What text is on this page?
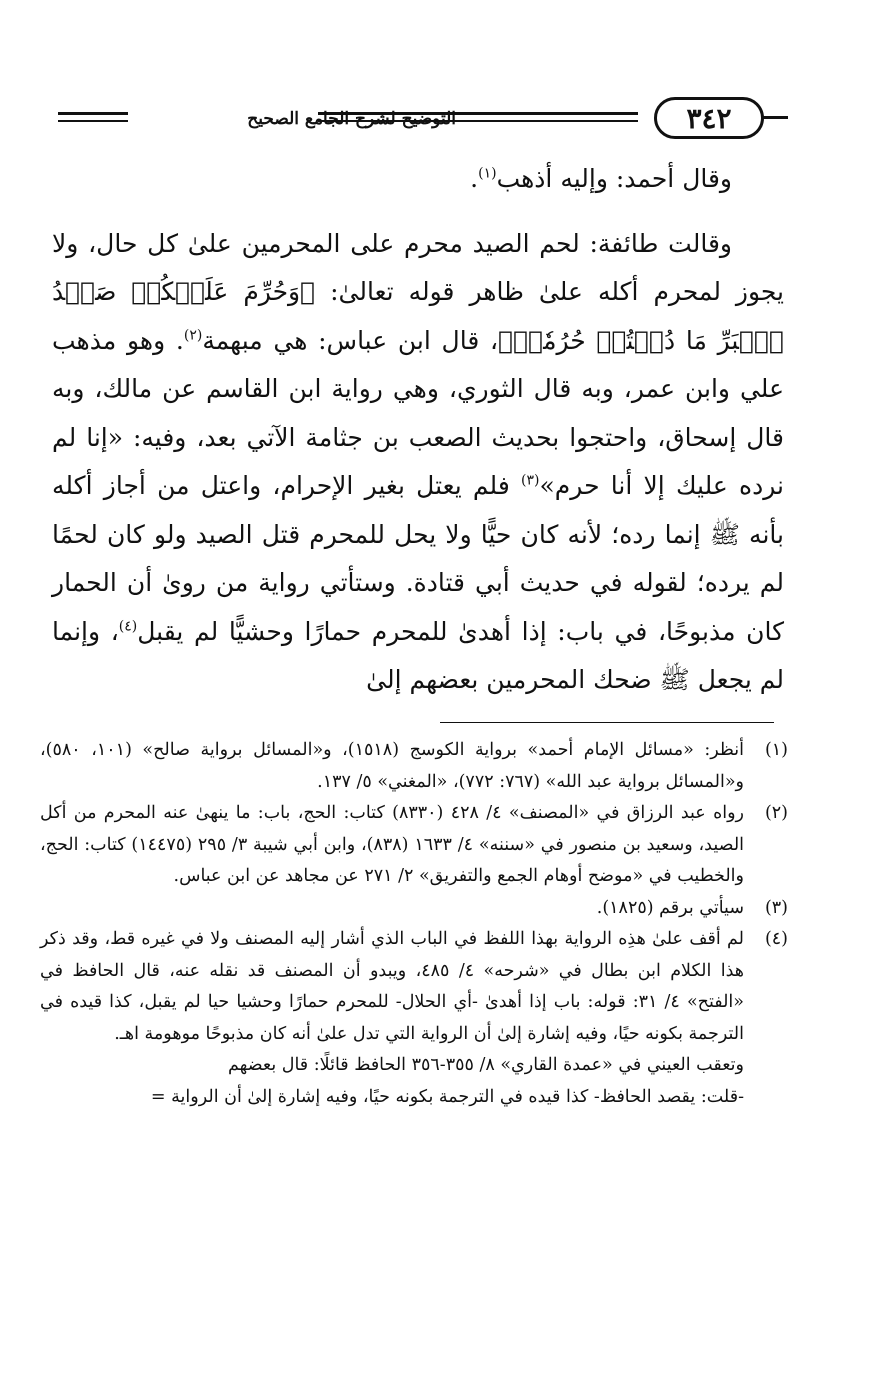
التوضيح لشرح الجامع الصحيح	٣٤٢

وقال أحمد: وإليه أذهب$^{(١)}$.

وقالت طائفة: لحم الصيد محرم على المحرمين علىٰ كل حال، ولا يجوز لمحرم أكله علىٰ ظاهر قوله تعالىٰ: ﴿وَحُرِّمَ عَلَيۡكُمۡ صَيۡدُ ٱلۡبَرِّ مَا دُمۡتُمۡ حُرُمٗاۗ﴾، قال ابن عباس: هي مبهمة$^{(٢)}$. وهو مذهب علي وابن عمر، وبه قال الثوري، وهي رواية ابن القاسم عن مالك، وبه قال إسحاق، واحتجوا بحديث الصعب بن جثامة الآتي بعد، وفيه: «إنا لم نرده عليك إلا أنا حرم»$^{(٣)}$ فلم يعتل بغير الإحرام، واعتل من أجاز أكله بأنه ﷺ إنما رده؛ لأنه كان حيًّا ولا يحل للمحرم قتل الصيد ولو كان لحمًا لم يرده؛ لقوله في حديث أبي قتادة. وستأتي رواية من روىٰ أن الحمار كان مذبوحًا، في باب: إذا أهدىٰ للمحرم حمارًا وحشيًّا لم يقبل$^{(٤)}$، وإنما لم يجعل ﷺ ضحك المحرمين بعضهم إلىٰ

(١)
أنظر: «مسائل الإمام أحمد» برواية الكوسج (١٥١٨)، و«المسائل برواية صالح» (١٠١، ٥٨٠)، و«المسائل برواية عبد الله» (٧٦٧: ٧٧٢)، «المغني» ٥/ ١٣٧.
(٢)
رواه عبد الرزاق في «المصنف» ٤/ ٤٢٨ (٨٣٣٠) كتاب: الحج، باب: ما ينهىٰ عنه المحرم من أكل الصيد، وسعيد بن منصور في «سننه» ٤/ ١٦٣٣ (٨٣٨)، وابن أبي شيبة ٣/ ٢٩٥ (١٤٤٧٥) كتاب: الحج، والخطيب في «موضح أوهام الجمع والتفريق» ٢/ ٢٧١ عن مجاهد عن ابن عباس.
(٣)
سيأتي برقم (١٨٢٥).
(٤)
لم أقف علىٰ هذِه الرواية بهذا اللفظ في الباب الذي أشار إليه المصنف ولا في غيره قط، وقد ذكر هذا الكلام ابن بطال في «شرحه» ٤/ ٤٨٥، ويبدو أن المصنف قد نقله عنه، قال الحافظ في «الفتح» ٤/ ٣١: قوله: باب إذا أهدىٰ -أي الحلال- للمحرم حمارًا وحشيا حيا لم يقبل، كذا قيده في الترجمة بكونه حيًا، وفيه إشارة إلىٰ أن الرواية التي تدل علىٰ أنه كان مذبوحًا موهومة اهـ.
وتعقب العيني في «عمدة القاري» ٨/ ٣٥٥-٣٥٦ الحافظ قائلًا: قال بعضهم
-قلت: يقصد الحافظ- كذا قيده في الترجمة بكونه حيًا، وفيه إشارة إلىٰ أن الرواية =
